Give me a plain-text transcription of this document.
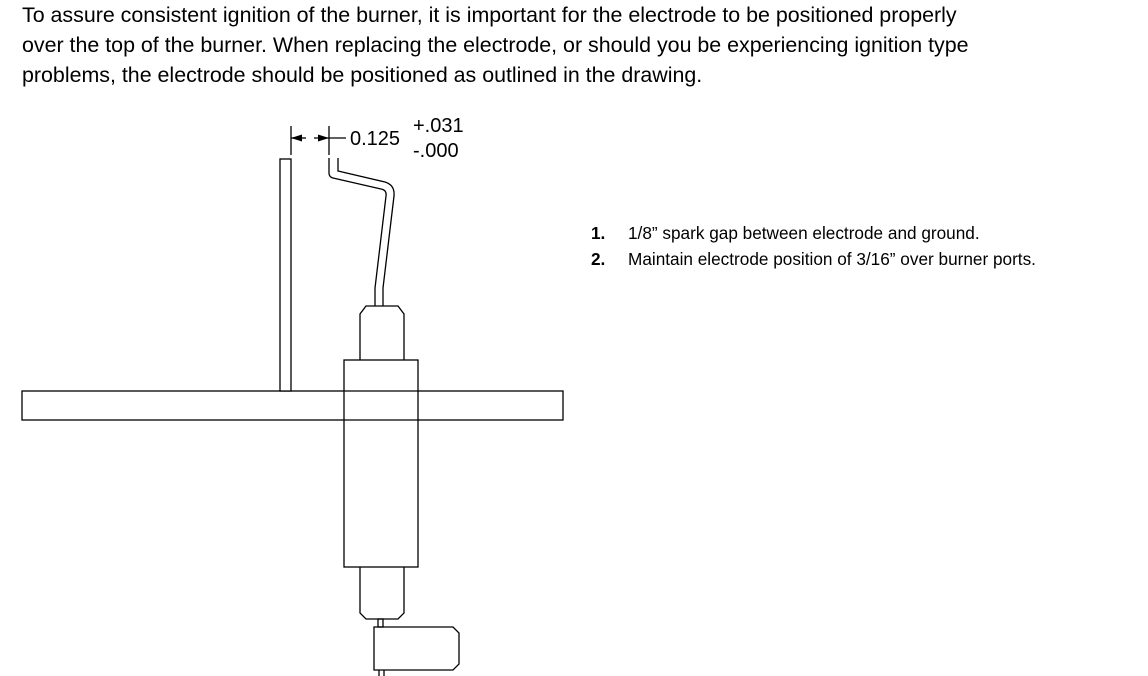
To assure consistent ignition of the burner, it is important for the electrode to be positioned properly
over the top of the burner. When replacing the electrode, or should you be experiencing ignition type
problems, the electrode should be positioned as outlined in the drawing.

0.125
+.031
-.000
1. 1/8” spark gap between electrode and ground.
2. Maintain electrode position of 3/16” over burner ports.
